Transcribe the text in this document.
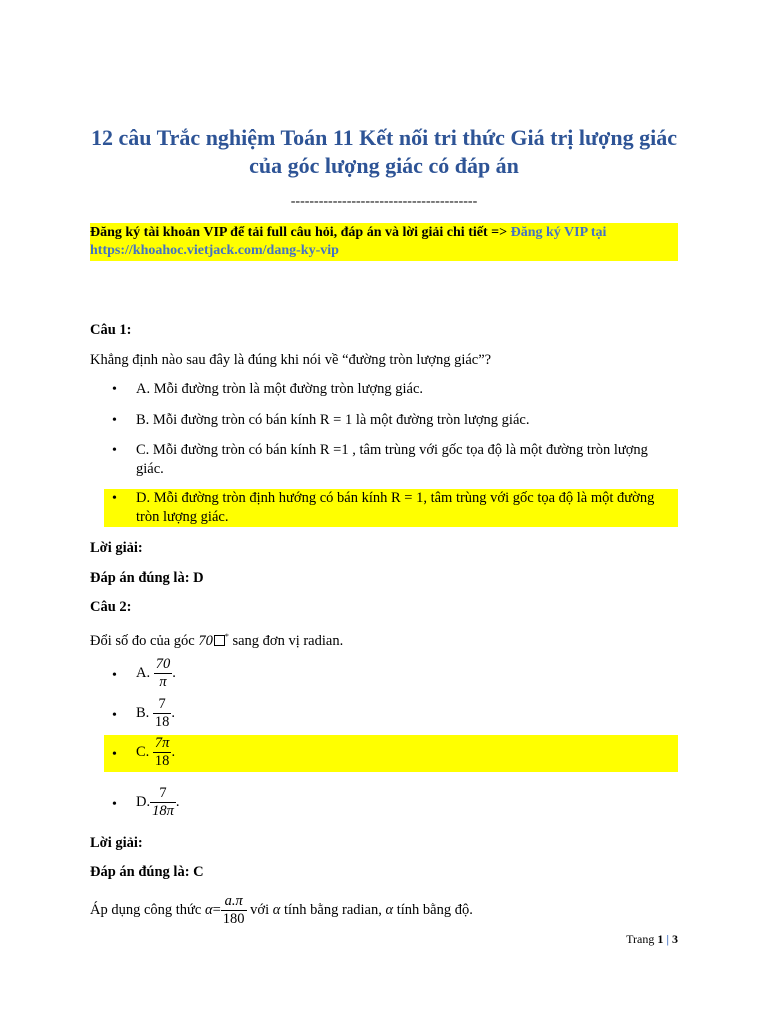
12 câu Trắc nghiệm Toán 11 Kết nối tri thức Giá trị lượng giác của góc lượng giác có đáp án
----------------------------------------
Đăng ký tài khoản VIP để tải full câu hỏi, đáp án và lời giải chi tiết => Đăng ký VIP tại https://khoahoc.vietjack.com/dang-ky-vip
Câu 1:
Khẳng định nào sau đây là đúng khi nói về “đường tròn lượng giác”?
• A. Mỗi đường tròn là một đường tròn lượng giác.
• B. Mỗi đường tròn có bán kính R = 1 là một đường tròn lượng giác.
• C. Mỗi đường tròn có bán kính R =1 , tâm trùng với gốc tọa độ là một đường tròn lượng giác.
• D. Mỗi đường tròn định hướng có bán kính R = 1, tâm trùng với gốc tọa độ là một đường tròn lượng giác.
Lời giải:
Đáp án đúng là: D
Câu 2:
Đổi số đo của góc 70 * sang đơn vị radian.
• A. $\frac{70}{\pi}$ .
• B. $\frac{7}{18}$ .
• C. $\frac{7\pi}{18}$ .
• D. $\frac{7}{18\pi}$ .
Lời giải:
Đáp án đúng là: C
Áp dụng công thức $\alpha= \frac{a.\pi}{180}$ với α tính bằng radian, α tính bằng độ.
Trang 1 | 3
